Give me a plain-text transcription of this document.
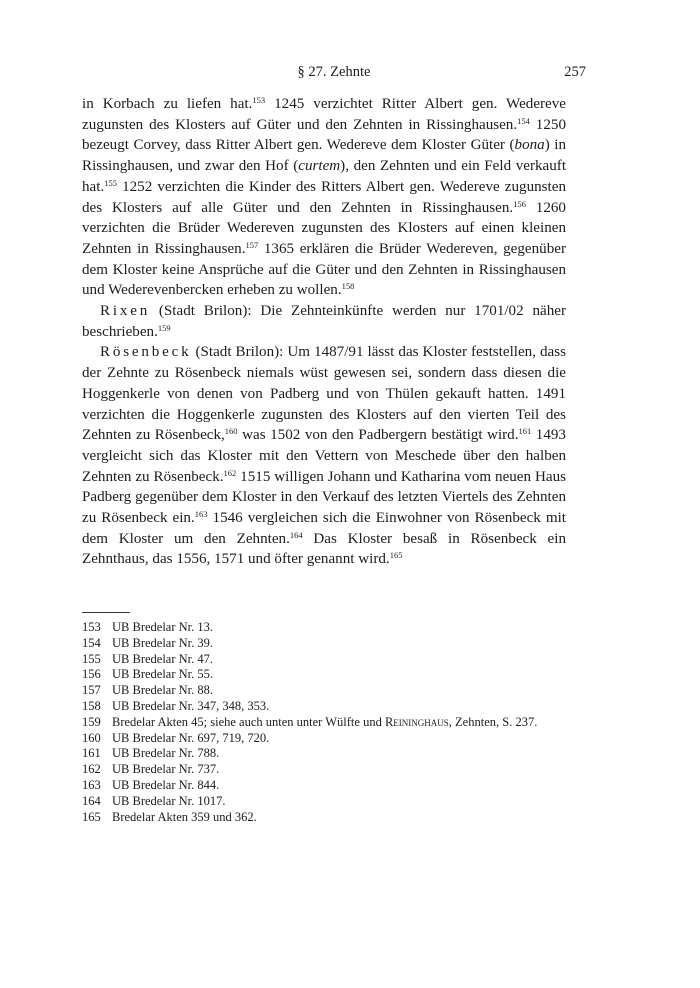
§ 27. Zehnte	257

in Korbach zu liefen hat.$^{153}$ 1245 verzichtet Ritter Albert gen. Wedereve zugunsten des Klosters auf Güter und den Zehnten in Rissinghausen.$^{154}$ 1250 bezeugt Corvey, dass Ritter Albert gen. Wedereve dem Kloster Güter (bona) in Rissinghausen, und zwar den Hof (curtem), den Zehnten und ein Feld verkauft hat.$^{155}$ 1252 verzichten die Kinder des Ritters Albert gen. Wedereve zugunsten des Klosters auf alle Güter und den Zehnten in Rissinghausen.$^{156}$ 1260 verzichten die Brüder Wedereven zugunsten des Klosters auf einen kleinen Zehnten in Rissinghausen.$^{157}$ 1365 erklären die Brüder Wedereven, gegenüber dem Kloster keine Ansprüche auf die Güter und den Zehnten in Rissinghausen und Wederevenbercken erheben zu wollen.$^{158}$

Rixen (Stadt Brilon): Die Zehnteinkünfte werden nur 1701/02 näher beschrieben.$^{159}$

Rösenbeck (Stadt Brilon): Um 1487/91 lässt das Kloster feststellen, dass der Zehnte zu Rösenbeck niemals wüst gewesen sei, sondern dass diesen die Hoggenkerle von denen von Padberg und von Thülen gekauft hatten. 1491 verzichten die Hoggenkerle zugunsten des Klosters auf den vierten Teil des Zehnten zu Rösenbeck,$^{160}$ was 1502 von den Padbergern bestätigt wird.$^{161}$ 1493 vergleicht sich das Kloster mit den Vettern von Meschede über den halben Zehnten zu Rösenbeck.$^{162}$ 1515 willigen Johann und Katharina vom neuen Haus Padberg gegenüber dem Kloster in den Verkauf des letzten Viertels des Zehnten zu Rösenbeck ein.$^{163}$ 1546 vergleichen sich die Einwohner von Rösenbeck mit dem Kloster um den Zehnten.$^{164}$ Das Kloster besaß in Rösenbeck ein Zehnthaus, das 1556, 1571 und öfter genannt wird.$^{165}$

153 UB Bredelar Nr. 13.
154 UB Bredelar Nr. 39.
155 UB Bredelar Nr. 47.
156 UB Bredelar Nr. 55.
157 UB Bredelar Nr. 88.
158 UB Bredelar Nr. 347, 348, 353.
159 Bredelar Akten 45; siehe auch unten unter Wülfte und Reininghaus, Zehnten, S. 237.
160 UB Bredelar Nr. 697, 719, 720.
161 UB Bredelar Nr. 788.
162 UB Bredelar Nr. 737.
163 UB Bredelar Nr. 844.
164 UB Bredelar Nr. 1017.
165 Bredelar Akten 359 und 362.
